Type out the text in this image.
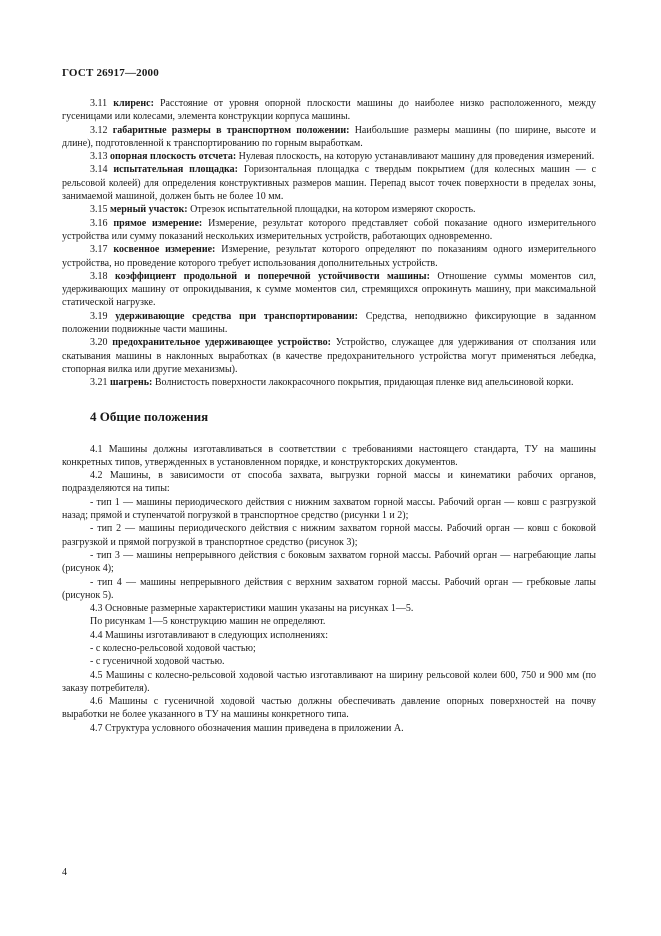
ГОСТ 26917—2000

3.11 клиренс: Расстояние от уровня опорной плоскости машины до наиболее низко расположенного, между гусеницами или колесами, элемента конструкции корпуса машины.

3.12 габаритные размеры в транспортном положении: Наибольшие размеры машины (по ширине, высоте и длине), подготовленной к транспортированию по горным выработкам.

3.13 опорная плоскость отсчета: Нулевая плоскость, на которую устанавливают машину для проведения измерений.

3.14 испытательная площадка: Горизонтальная площадка с твердым покрытием (для колесных машин — с рельсовой колеей) для определения конструктивных размеров машин. Перепад высот точек поверхности в пределах зоны, занимаемой машиной, должен быть не более 10 мм.

3.15 мерный участок: Отрезок испытательной площадки, на котором измеряют скорость.

3.16 прямое измерение: Измерение, результат которого представляет собой показание одного измерительного устройства или сумму показаний нескольких измерительных устройств, работающих одновременно.

3.17 косвенное измерение: Измерение, результат которого определяют по показаниям одного измерительного устройства, но проведение которого требует использования дополнительных устройств.

3.18 коэффициент продольной и поперечной устойчивости машины: Отношение суммы моментов сил, удерживающих машину от опрокидывания, к сумме моментов сил, стремящихся опрокинуть машину, при максимальной статической нагрузке.

3.19 удерживающие средства при транспортировании: Средства, неподвижно фиксирующие в заданном положении подвижные части машины.

3.20 предохранительное удерживающее устройство: Устройство, служащее для удерживания от сползания или скатывания машины в наклонных выработках (в качестве предохранительного устройства могут применяться лебедка, стопорная вилка или другие механизмы).

3.21 шагрень: Волнистость поверхности лакокрасочного покрытия, придающая пленке вид апельсиновой корки.

4 Общие положения

4.1 Машины должны изготавливаться в соответствии с требованиями настоящего стандарта, ТУ на машины конкретных типов, утвержденных в установленном порядке, и конструкторских документов.

4.2 Машины, в зависимости от способа захвата, выгрузки горной массы и кинематики рабочих органов, подразделяются на типы:

- тип 1 — машины периодического действия с нижним захватом горной массы. Рабочий орган — ковш с разгрузкой назад; прямой и ступенчатой погрузкой в транспортное средство (рисунки 1 и 2);

- тип 2 — машины периодического действия с нижним захватом горной массы. Рабочий орган — ковш с боковой разгрузкой и прямой погрузкой в транспортное средство (рисунок 3);

- тип 3 — машины непрерывного действия с боковым захватом горной массы. Рабочий орган — нагребающие лапы (рисунок 4);

- тип 4 — машины непрерывного действия с верхним захватом горной массы. Рабочий орган — гребковые лапы (рисунок 5).

4.3 Основные размерные характеристики машин указаны на рисунках 1—5.

По рисункам 1—5 конструкцию машин не определяют.

4.4 Машины изготавливают в следующих исполнениях:

- с колесно-рельсовой ходовой частью;

- с гусеничной ходовой частью.

4.5 Машины с колесно-рельсовой ходовой частью изготавливают на ширину рельсовой колеи 600, 750 и 900 мм (по заказу потребителя).

4.6 Машины с гусеничной ходовой частью должны обеспечивать давление опорных поверхностей на почву выработки не более указанного в ТУ на машины конкретного типа.

4.7 Структура условного обозначения машин приведена в приложении А.

4
